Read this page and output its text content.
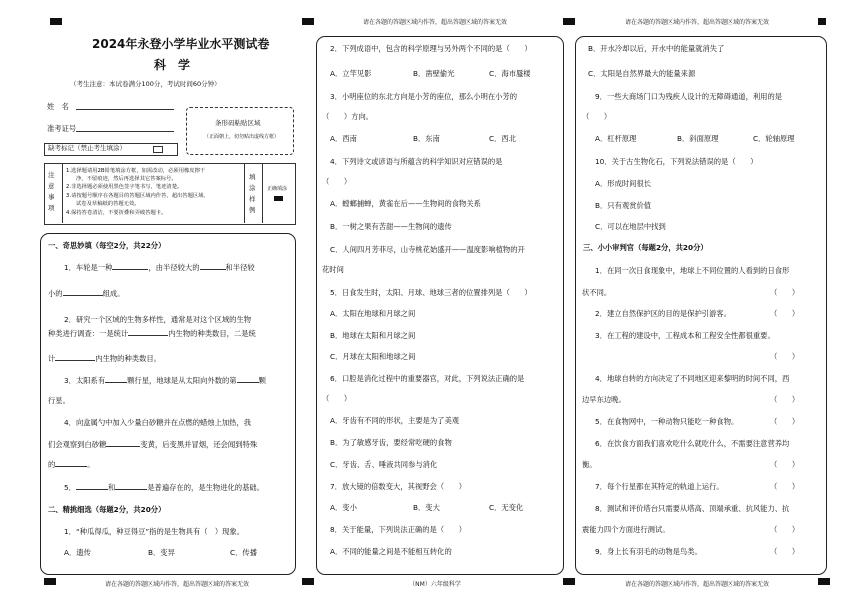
请在各题的答题区域内作答，超出答题区域的答案无效	请在各题的答题区域内作答，超出答题区域的答案无效
请在各题的答题区域内作答，超出答题区域的答案无效	（NM）六年级科学	请在各题的答题区域内作答，超出答题区域的答案无效
2024年永登小学毕业水平测试卷
科　学
（考生注意：本试卷满分100分，考试时间60分钟）
姓　名
准考证号
缺考标记（禁止考生填涂）
条形码粘贴区域
（正面朝上，切勿贴出虚线方框）
注意事项
1.选择题请用2B铅笔填涂方框，如需改动，必须用橡皮擦干
净，不留痕迹，然后再选择其它答案标号。
2.非选择题必须使用黑色签字笔书写，笔迹清楚。
3.请按题号顺序在各题目的答题区域内作答，超出答题区域、
试卷及草稿纸的答题无效。
4.保持答卷清洁，不要折叠和弄破答题卡。
填涂样例
正确填涂
一、奇思妙填（每空2分，共22分）
1．车轮是一种	，由半径较大的	和半径较
小的	组成。
2．研究一个区域的生物多样性，通常是对这个区域的生物
种类进行调查：一是统计	内生物的种类数目，二是统
计	内生物的种类数目。
3．太阳系有	颗行星，地球是从太阳向外数的第	颗
行星。
4．向盒属勺中加入少量白砂糖并在点燃的蜡烛上加热，我
们会观察到白砂糖	变黄，后变黑并冒烟，还会闻到特殊
的	。
5．	和	是普遍存在的，是生物进化的基础。
二、精挑细选（每题2分，共20分）
1．“种瓜得瓜，种豆得豆”指的是生物具有（　）现象。
A．遗传	B．变异	C．传播
2．下列成语中，包含的科学原理与另外两个不同的是（　　）
A．立竿见影	B．凿壁偷光	C．海市蜃楼
3．小明座位的东北方向是小芳的座位，那么小明在小芳的
（　　）方向。
A．西南	B．东南	C．西北
4．下列诗文或谚语与所蕴含的科学知识对应错误的是
（　　）
A．螳螂捕蝉，黄雀在后——生物间的食物关系
B．一树之果有苦甜——生物间的遗传
C．人间四月芳菲尽，山寺桃花始盛开——温度影响植物的开
花时间
5．日食发生时，太阳、月球、地球三者的位置排列是（　　）
A．太阳在地球和月球之间
B．地球在太阳和月球之间
C．月球在太阳和地球之间
6．口腔是消化过程中的重要器官，对此，下列说法正确的是
（　　）
A．牙齿有不同的形状，主要是为了美观
B．为了敏感牙齿，要经常吃硬的食物
C．牙齿、舌、唾液共同参与消化
7．放大镜的倍数变大，其视野会（　　）
A．变小	B．变大	C．无变化
8．关于能量，下列说法正确的是（　　）
A．不同的能量之间是不能相互转化的
B．开水冷却以后，开水中的能量就消失了
C．太阳是自然界最大的能量来源
9．一些大商场门口为残疾人设计的无障碍通道，利用的是
（　　）
A．杠杆原理	B．斜面原理	C．轮轴原理
10．关于古生物化石，下列说法错误的是（　　）
A．形成时间很长
B．只有观赏价值
C．可以在地层中找到
三、小小审判官（每题2分，共20分）
1．在同一次日食现象中，地球上不同位置的人看到的日食形
状不同。	（　　）
2．建立自然保护区的目的是保护引游客。	（　　）
3．在工程的建设中，工程成本和工程安全性都很重要。
（　　）
4．地球自转的方向决定了不同地区迎来黎明的时间不同，西
边早东边晚。	（　　）
5．在食物网中，一种动物只能吃一种食物。	（　　）
6．在饮食方面我们喜欢吃什么就吃什么，不需要注意营养均
衡。	（　　）
7．每个行星都在其特定的轨道上运行。	（　　）
8．测试和评价塔台只需要从塔高、顶端承重、抗风能力、抗
震能力四个方面进行测试。	（　　）
9．身上长有羽毛的动物是鸟类。	（　　）
